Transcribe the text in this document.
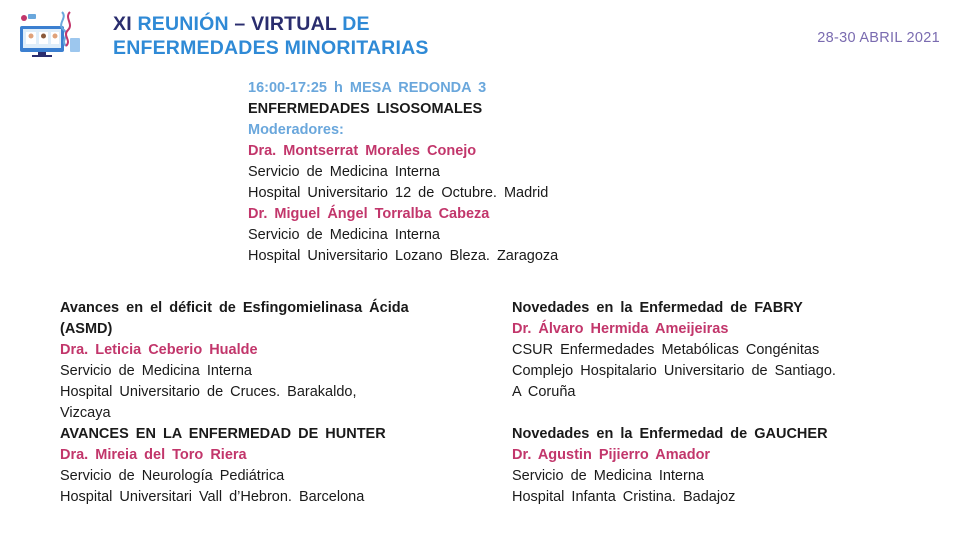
XI REUNIÓN – VIRTUAL DE
ENFERMEDADES MINORITARIAS	28-30 ABRIL 2021
16:00-17:25 h MESA REDONDA 3
ENFERMEDADES LISOSOMALES
Moderadores:
Dra. Montserrat Morales Conejo
Servicio de Medicina Interna
Hospital Universitario 12 de Octubre. Madrid
Dr. Miguel Ángel Torralba Cabeza
Servicio de Medicina Interna
Hospital Universitario Lozano Bleza. Zaragoza
Avances en el déficit de Esfingomielinasa Ácida
(ASMD)
Dra. Leticia Ceberio Hualde
Servicio de Medicina Interna
Hospital Universitario de Cruces. Barakaldo,
Vizcaya
AVANCES EN LA ENFERMEDAD DE HUNTER
Dra. Mireia del Toro Riera
Servicio de Neurología Pediátrica
Hospital Universitari Vall d’Hebron. Barcelona
Novedades en la Enfermedad de FABRY
Dr. Álvaro Hermida Ameijeiras
CSUR Enfermedades Metabólicas Congénitas
Complejo Hospitalario Universitario de Santiago.
A Coruña
Novedades en la Enfermedad de GAUCHER
Dr. Agustin Pijierro Amador
Servicio de Medicina Interna
Hospital Infanta Cristina. Badajoz
